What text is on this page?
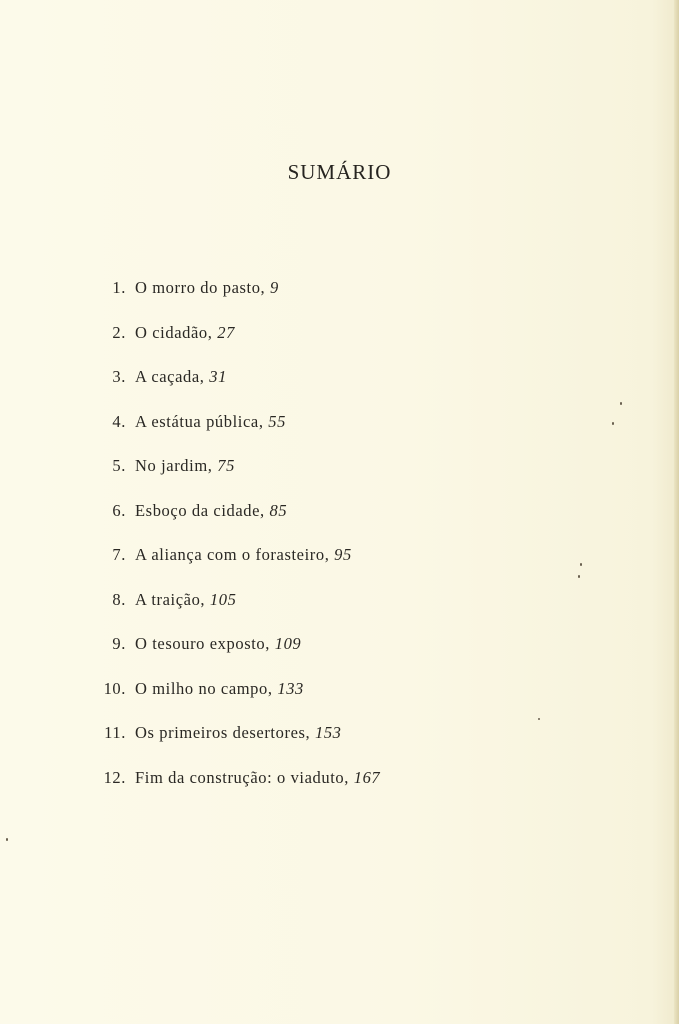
SUMÁRIO
1. O morro do pasto, 9
2. O cidadão, 27
3. A caçada, 31
4. A estátua pública, 55
5. No jardim, 75
6. Esboço da cidade, 85
7. A aliança com o forasteiro, 95
8. A traição, 105
9. O tesouro exposto, 109
10. O milho no campo, 133
11. Os primeiros desertores, 153
12. Fim da construção: o viaduto, 167
